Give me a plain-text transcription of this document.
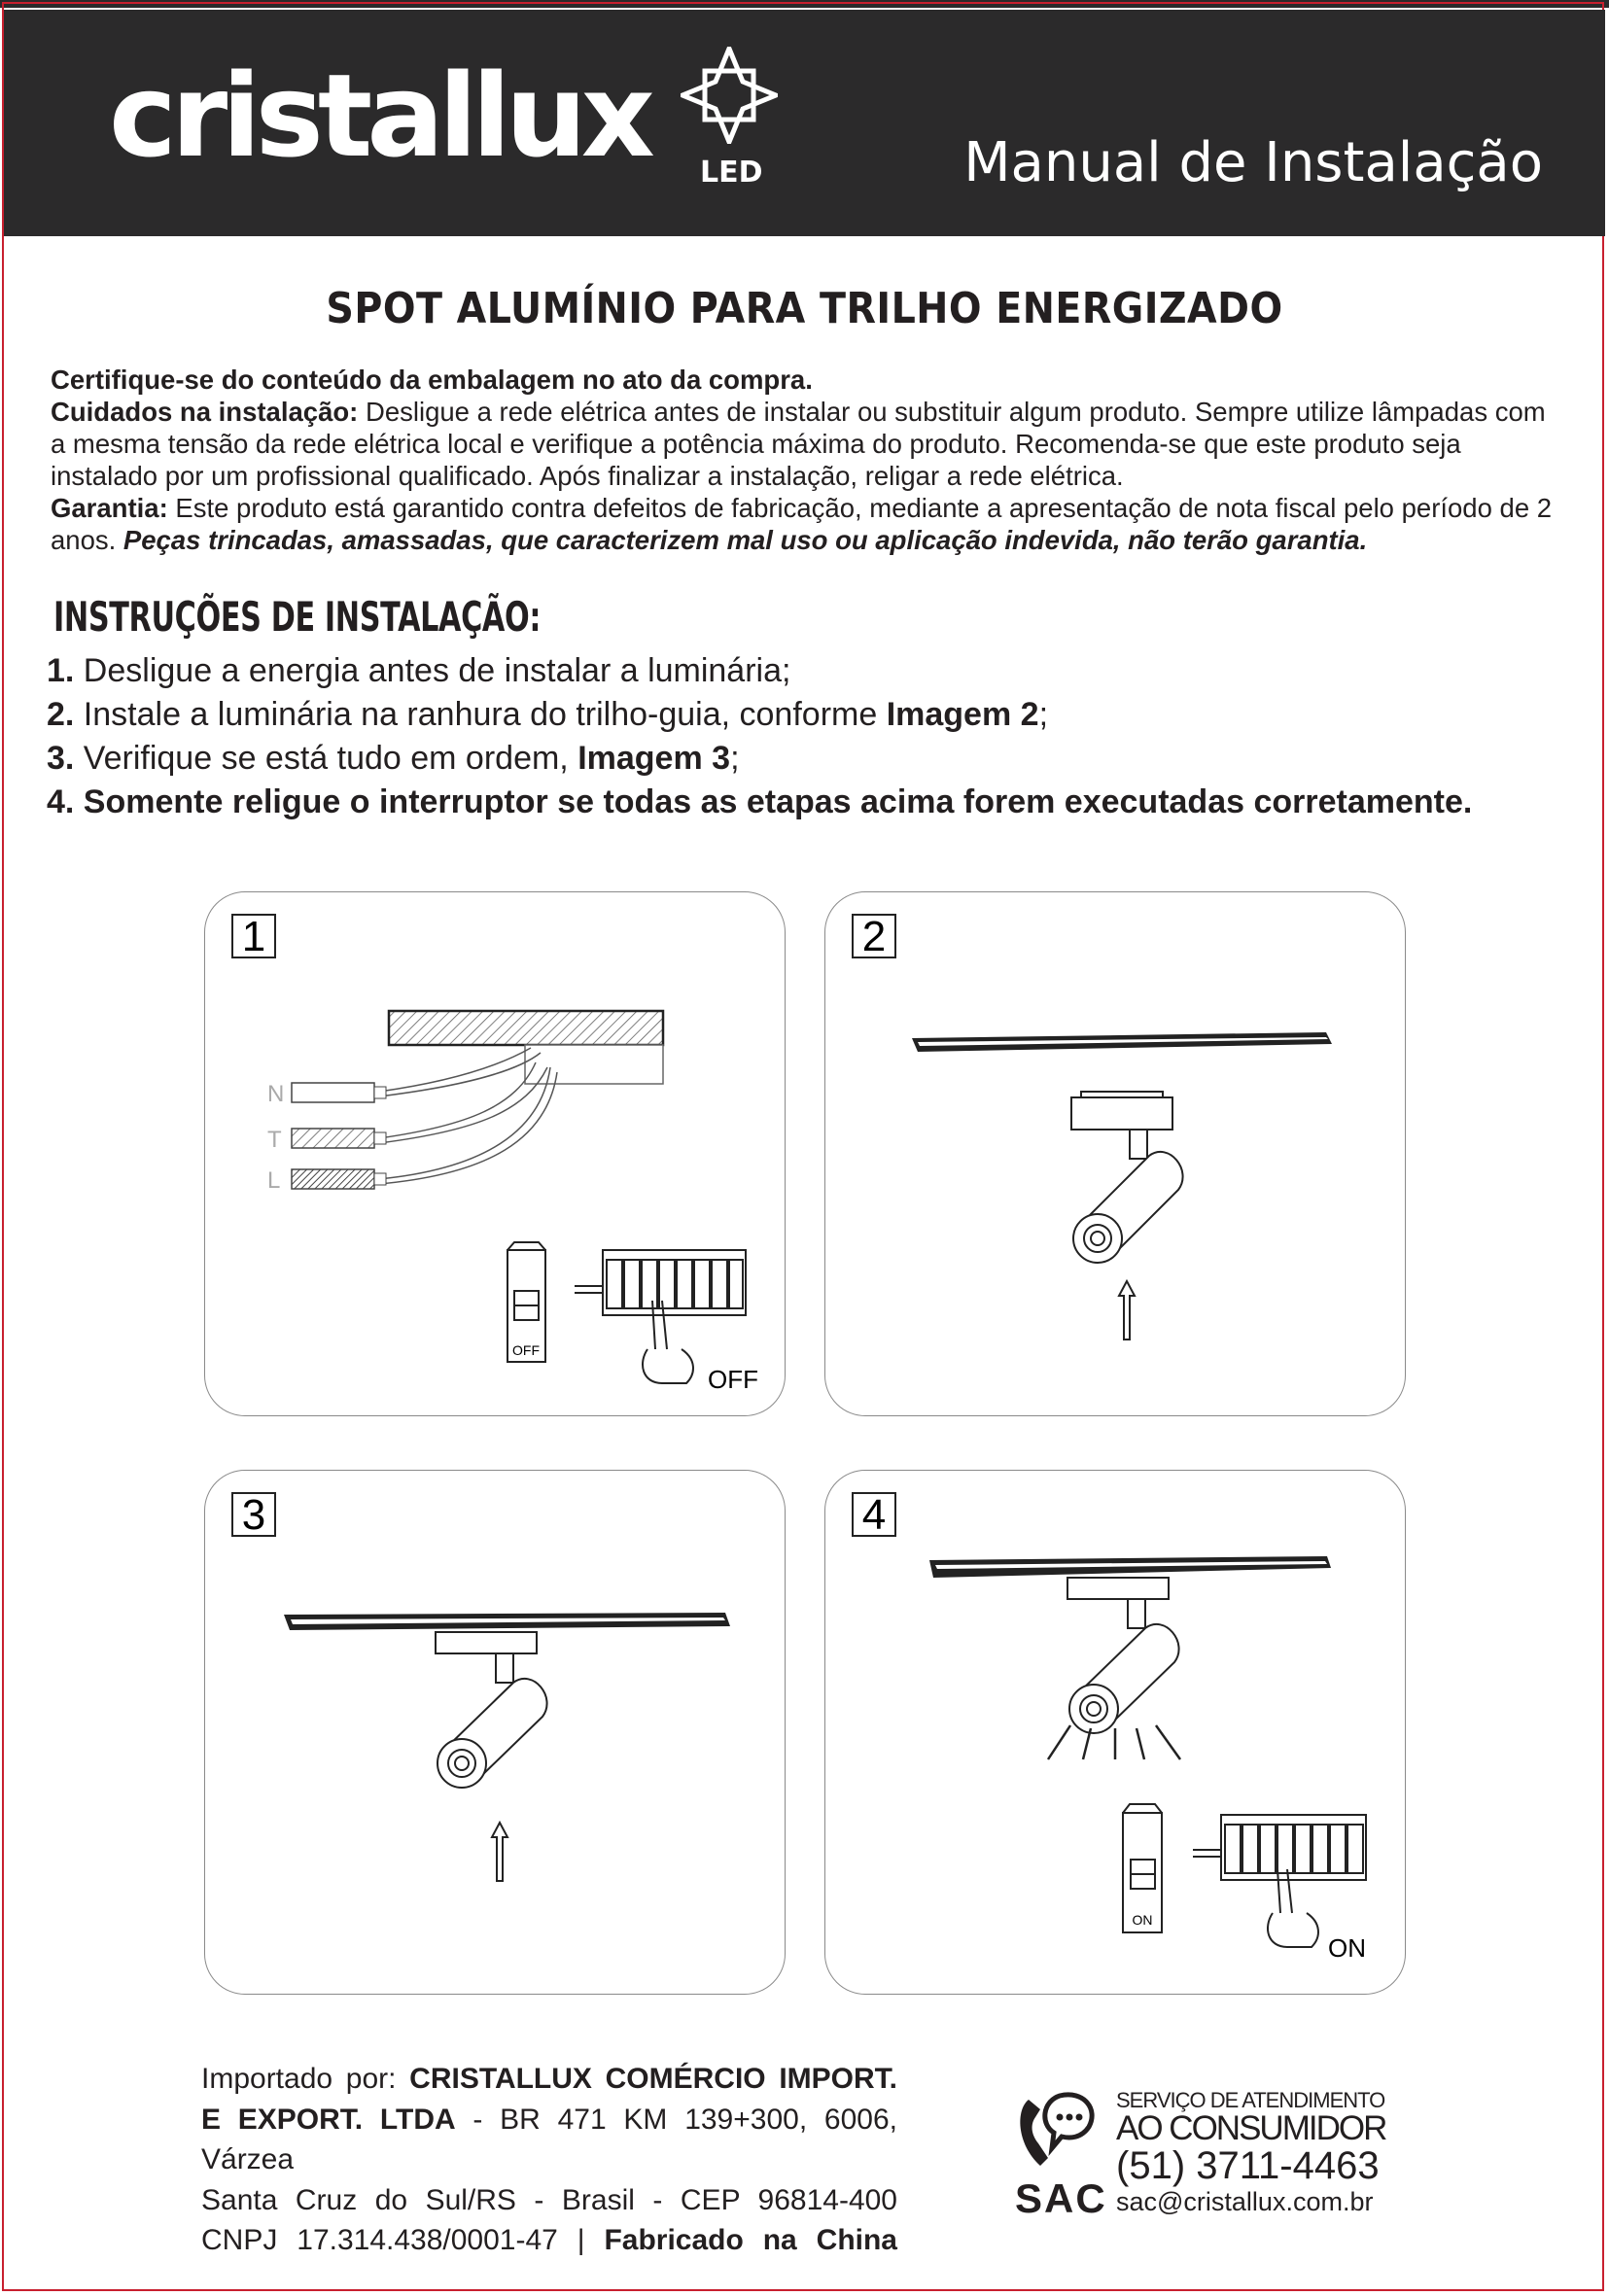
cristallux LED	Manual de Instalação
SPOT ALUMÍNIO PARA TRILHO ENERGIZADO
Certifique-se do conteúdo da embalagem no ato da compra.
Cuidados na instalação: Desligue a rede elétrica antes de instalar ou substituir algum produto. Sempre utilize lâmpadas com a mesma tensão da rede elétrica local e verifique a potência máxima do produto. Recomenda-se que este produto seja instalado por um profissional qualificado. Após finalizar a instalação, religar a rede elétrica.
Garantia: Este produto está garantido contra defeitos de fabricação, mediante a apresentação de nota fiscal pelo período de 2 anos. Peças trincadas, amassadas, que caracterizem mal uso ou aplicação indevida, não terão garantia.
INSTRUÇÕES DE INSTALAÇÃO:
1. Desligue a energia antes de instalar a luminária;
2. Instale a luminária na ranhura do trilho-guia, conforme Imagem 2;
3. Verifique se está tudo em ordem, Imagem 3;
4. Somente religue o interruptor se todas as etapas acima forem executadas corretamente.
1
N
T
L
OFF
OFF
2
3	4
ON
ON
Importado por: CRISTALLUX COMÉRCIO IMPORT.
E EXPORT. LTDA - BR 471 KM 139+300, 6006, Várzea
Santa Cruz do Sul/RS - Brasil - CEP 96814-400
CNPJ 17.314.438/0001-47 | Fabricado na China
SAC
SERVIÇO DE ATENDIMENTO
AO CONSUMIDOR
(51) 3711-4463
sac@cristallux.com.br
